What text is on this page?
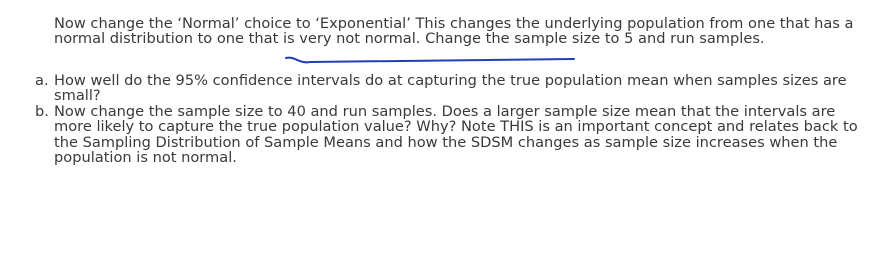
Now change the ‘Normal’ choice to ‘Exponential’ This changes the underlying population from one that has a normal distribution to one that is very not normal. Change the sample size to 5 and run samples.

a. How well do the 95% confidence intervals do at capturing the true population mean when samples sizes are small?
b. Now change the sample size to 40 and run samples. Does a larger sample size mean that the intervals are more likely to capture the true population value? Why? Note THIS is an important concept and relates back to the Sampling Distribution of Sample Means and how the SDSM changes as sample size increases when the population is not normal.
